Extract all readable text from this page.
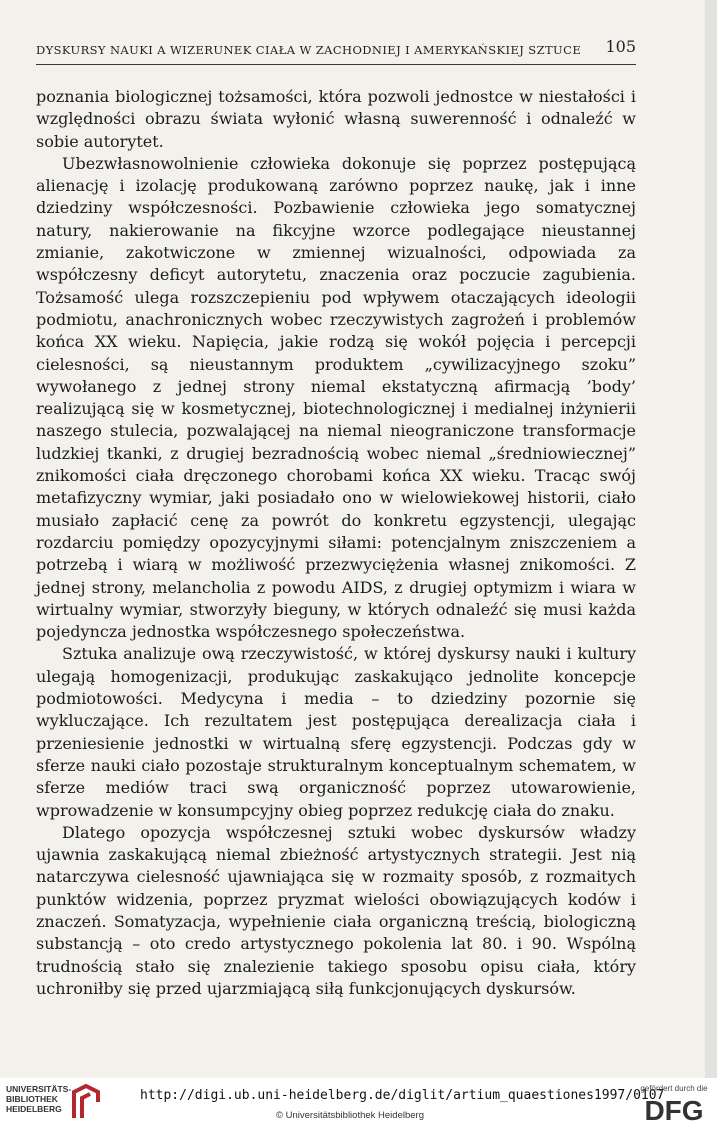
DYSKURSY NAUKI A WIZERUNEK CIAŁA W ZACHODNIEJ I AMERYKAŃSKIEJ SZTUCE 105

poznania biologicznej tożsamości, która pozwoli jednostce w niestałości i względności obrazu świata wyłonić własną suwerenność i odnaleźć w sobie autorytet.

Ubezwłasnowolnienie człowieka dokonuje się poprzez postępującą alienację i izolację produkowaną zarówno poprzez naukę, jak i inne dziedziny współczesności. Pozbawienie człowieka jego somatycznej natury, nakierowanie na fikcyjne wzorce podlegające nieustannej zmianie, zakotwiczone w zmiennej wizualności, odpowiada za współczesny deficyt autorytetu, znaczenia oraz poczucie zagubienia. Tożsamość ulega rozszczepieniu pod wpływem otaczających ideologii podmiotu, anachronicznych wobec rzeczywistych zagrożeń i problemów końca XX wieku. Napięcia, jakie rodzą się wokół pojęcia i percepcji cielesności, są nieustannym produktem „cywilizacyjnego szoku” wywołanego z jednej strony niemal ekstatyczną afirmacją ’body’ realizującą się w kosmetycznej, biotechnologicznej i medialnej inżynierii naszego stulecia, pozwalającej na niemal nieograniczone transformacje ludzkiej tkanki, z drugiej bezradnością wobec niemal „średniowiecznej” znikomości ciała dręczonego chorobami końca XX wieku. Tracąc swój metafizyczny wymiar, jaki posiadało ono w wielowiekowej historii, ciało musiało zapłacić cenę za powrót do konkretu egzystencji, ulegając rozdarciu pomiędzy opozycyjnymi siłami: potencjalnym zniszczeniem a potrzebą i wiarą w możliwość przezwyciężenia własnej znikomości. Z jednej strony, melancholia z powodu AIDS, z drugiej optymizm i wiara w wirtualny wymiar, stworzyły bieguny, w których odnaleźć się musi każda pojedyncza jednostka współczesnego społeczeństwa.

Sztuka analizuje ową rzeczywistość, w której dyskursy nauki i kultury ulegają homogenizacji, produkując zaskakująco jednolite koncepcje podmiotowości. Medycyna i media – to dziedziny pozornie się wykluczające. Ich rezultatem jest postępująca derealizacja ciała i przeniesienie jednostki w wirtualną sferę egzystencji. Podczas gdy w sferze nauki ciało pozostaje strukturalnym konceptualnym schematem, w sferze mediów traci swą organiczność poprzez utowarowienie, wprowadzenie w konsumpcyjny obieg poprzez redukcję ciała do znaku.

Dlatego opozycja współczesnej sztuki wobec dyskursów władzy ujawnia zaskakującą niemal zbieżność artystycznych strategii. Jest nią natarczywa cielesność ujawniająca się w rozmaity sposób, z rozmaitych punktów widzenia, poprzez pryzmat wielości obowiązujących kodów i znaczeń. Somatyzacja, wypełnienie ciała organiczną treścią, biologiczną substancją – oto credo artystycznego pokolenia lat 80. i 90. Wspólną trudnością stało się znalezienie takiego sposobu opisu ciała, który uchroniłby się przed ujarzmiającą siłą funkcjonujących dyskursów.

UNIVERSITÄTS-
BIBLIOTHEK
HEIDELBERG
http://digi.ub.uni-heidelberg.de/diglit/artium_quaestiones1997/0107
© Universitätsbibliothek Heidelberg
gefördert durch die
DFG
